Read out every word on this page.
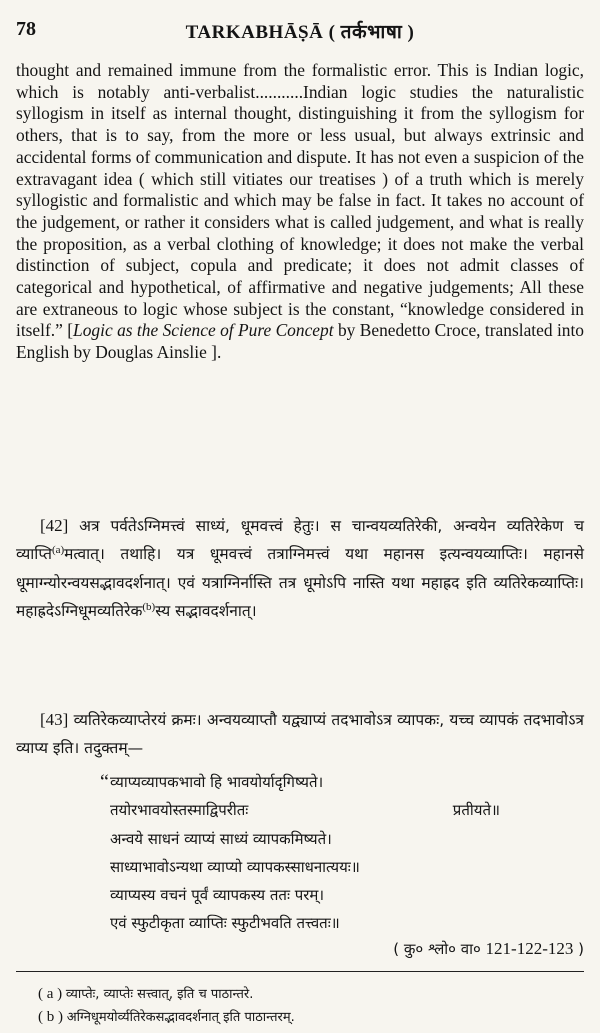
78	TARKABHĀṢĀ ( तर्कभाषा )

thought and remained immune from the formalistic error. This is Indian logic, which is notably anti-verbalist...........Indian logic studies the naturalistic syllogism in itself as internal thought, distinguishing it from the syllogism for others, that is to say, from the more or less usual, but always extrinsic and accidental forms of communication and dispute. It has not even a suspicion of the extravagant idea ( which still vitiates our treatises ) of a truth which is merely syllogistic and formalistic and which may be false in fact. It takes no account of the judgement, or rather it considers what is called judgement, and what is really the proposition, as a verbal clothing of knowledge; it does not make the verbal distinction of subject, copula and predicate; it does not admit classes of categorical and hypothetical, of affirmative and negative judgements; All these are extraneous to logic whose subject is the constant, “knowledge considered in itself.” [Logic as the Science of Pure Concept by Benedetto Croce, translated into English by Douglas Ainslie ].

[42] अत्र पर्वतेऽग्निमत्त्वं साध्यं, धूमवत्त्वं हेतुः। स चान्वयव्यतिरेकी, अन्वयेन व्यतिरेकेण च व्याप्ति$^{(a)}$मत्वात्। तथाहि। यत्र धूमवत्त्वं तत्राग्निमत्त्वं यथा महानस इत्यन्वयव्याप्तिः। महानसे धूमाग्न्योरन्वयसद्भावदर्शनात्। एवं यत्राग्निर्नास्ति तत्र धूमोऽपि नास्ति यथा महाह्रद इति व्यतिरेकव्याप्तिः। महाह्रदेऽग्निधूमव्यतिरेक$^{(b)}$स्य सद्भावदर्शनात्।

[43] व्यतिरेकव्याप्तेरयं क्रमः। अन्वयव्याप्तौ यद्व्याप्यं तदभावोऽत्र व्यापकः, यच्च व्यापकं तदभावोऽत्र व्याप्य इति। तदुक्तम्—

“ व्याप्यव्यापकभावो हि भावयोर्यादृगिष्यते।
तयोरभावयोस्तस्माद्विपरीतः	प्रतीयते॥
अन्वये साधनं व्याप्यं साध्यं व्यापकमिष्यते।
साध्याभावोऽन्यथा व्याप्यो व्यापकस्साधनात्ययः॥
व्याप्यस्य वचनं पूर्वं व्यापकस्य ततः परम्।
एवं स्फुटीकृता व्याप्तिः स्फुटीभवति तत्त्वतः॥
( कु० श्लो० वा० 121-122-123 )
( a ) व्याप्तेः, व्याप्तेः सत्त्वात्, इति च पाठान्तरे.
( b ) अग्निधूमयोर्व्यतिरेकसद्भावदर्शनात् इति पाठान्तरम्.
